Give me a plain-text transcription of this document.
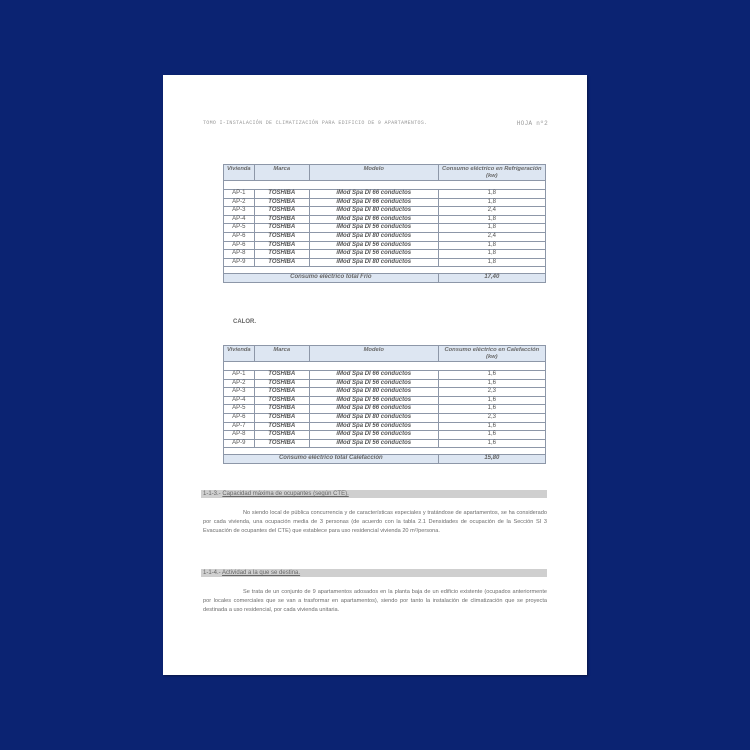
TOMO I-INSTALACIÓN DE CLIMATIZACIÓN PARA EDIFICIO DE 9 APARTAMENTOS.	HOJA nº2
Vivienda	Marca	Modelo	Consumo eléctrico en Refrigeración (kw)

AP-1	TOSHIBA	iMod Spa DI 66 conductos	1,8
AP-2	TOSHIBA	iMod Spa DI 66 conductos	1,8
AP-3	TOSHIBA	iMod Spa DI 80 conductos	2,4
AP-4	TOSHIBA	iMod Spa DI 66 conductos	1,8
AP-5	TOSHIBA	iMod Spa DI 56 conductos	1,8
AP-6	TOSHIBA	iMod Spa DI 80 conductos	2,4
AP-6	TOSHIBA	iMod Spa DI 56 conductos	1,8
AP-8	TOSHIBA	iMod Spa DI 56 conductos	1,8
AP-9	TOSHIBA	iMod Spa DI 80 conductos	1,8

Consumo eléctrico total Frío			17,40
CALOR.
Vivienda	Marca	Modelo	Consumo eléctrico en Calefacción (kw)

AP-1	TOSHIBA	iMod Spa DI 66 conductos	1,6
AP-2	TOSHIBA	iMod Spa DI 56 conductos	1,6
AP-3	TOSHIBA	iMod Spa DI 80 conductos	2,3
AP-4	TOSHIBA	iMod Spa DI 56 conductos	1,6
AP-5	TOSHIBA	iMod Spa DI 66 conductos	1,6
AP-6	TOSHIBA	iMod Spa DI 80 conductos	2,3
AP-7	TOSHIBA	iMod Spa DI 56 conductos	1,6
AP-8	TOSHIBA	iMod Spa DI 56 conductos	1,6
AP-9	TOSHIBA	iMod Spa DI 56 conductos	1,6

Consumo eléctrico total Calefacción			15,80
1-1-3.- Capacidad máxima de ocupantes (según CTE).
No siendo local de pública concurrencia y de características especiales y tratándose de apartamentos, se ha considerado por cada vivienda, una ocupación media de 3 personas (de acuerdo con la tabla 2.1 Densidades de ocupación de la Sección SI 3 Evacuación de ocupantes del CTE) que establece para uso residencial vivienda 20 m²/persona.
1-1-4.- Actividad a la que se destina.
Se trata de un conjunto de 9 apartamentos adosados en la planta baja de un edificio existente (ocupados anteriormente por locales comerciales que se van a trasformar en apartamentos), siendo por tanto la instalación de climatización que se proyecta destinada a uso residencial, por cada vivienda unitaria.
